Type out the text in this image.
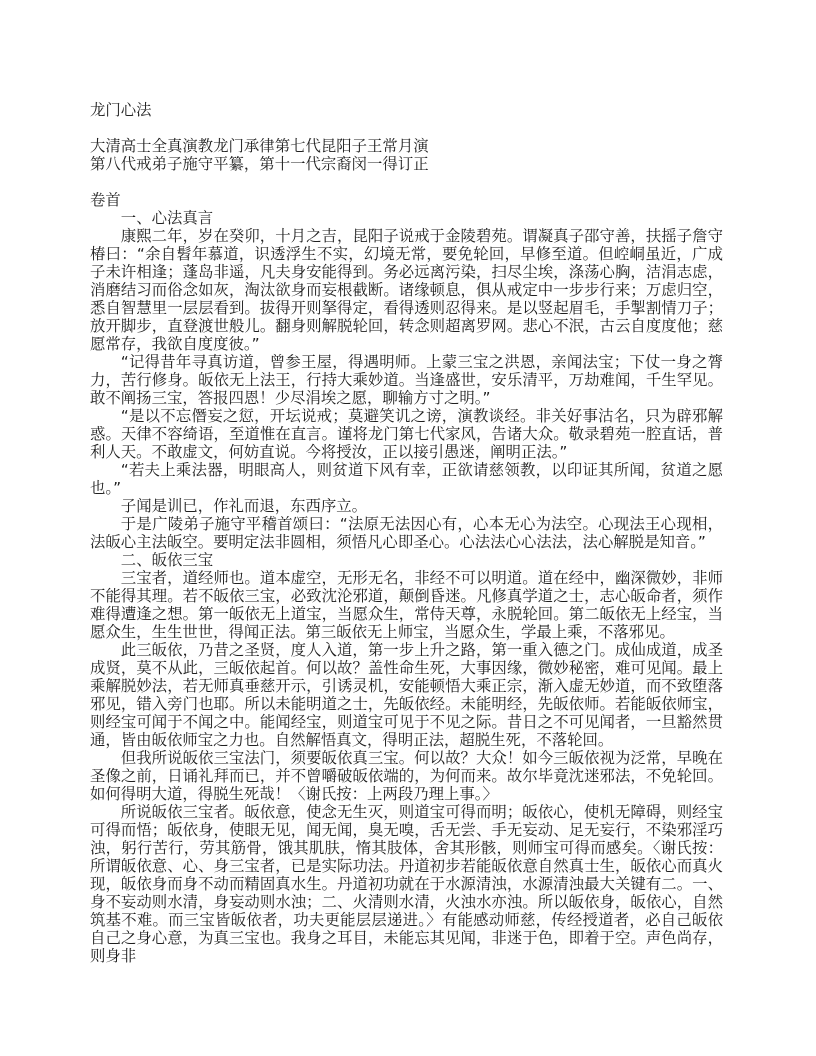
龙门心法

大清高士全真演教龙门承律第七代昆阳子王常月演

第八代戒弟子施守平纂，第十一代宗裔闵一得订正

卷首

一、心法真言

康熙二年，岁在癸卯，十月之吉，昆阳子说戒于金陵碧苑。谓凝真子邵守善，扶摇子詹守椿曰：“余自髫年慕道，识透浮生不实，幻境无常，要免轮回，早修至道。但崆峒虽近，广成子未许相逢；蓬岛非遥，凡夫身安能得到。务必远离污染，扫尽尘埃，涤荡心胸，洁涓志虑，消磨结习而俗念如灰，淘汰欲身而妄根截断。诸缘顿息，俱从戒定中一步步行来；万虑归空，悉自智慧里一层层看到。拔得开则拏得定，看得透则忍得来。是以竖起眉毛，手掣割情刀子；放开脚步，直登渡世般儿。翻身则解脱轮回，转念则超离罗网。悲心不泯，古云自度度他；慈愿常存，我欲自度度彼。”

“记得昔年寻真访道，曾参王屋，得遇明师。上蒙三宝之洪恩，亲闻法宝；下仗一身之膂力，苦行修身。皈依无上法王，行持大乘妙道。当逢盛世，安乐清平，万劫难闻，千生罕见。敢不阐扬三宝，答报四恩！少尽涓埃之愿，聊输方寸之明。”

“是以不忘僭妄之愆，开坛说戒；莫避笑讥之谤，演教谈经。非关好事沽名，只为辟邪解惑。天律不容绮语，至道惟在直言。谨将龙门第七代家风，告诸大众。敬录碧苑一腔直话，普利人天。不敢虚文，何妨直说。今将授汝，正以接引愚迷，阐明正法。”

“若夫上乘法器，明眼高人，则贫道下风有幸，正欲请慈领教，以印证其所闻，贫道之愿也。”

子闻是训已，作礼而退，东西序立。

于是广陵弟子施守平稽首颂曰：“法原无法因心有，心本无心为法空。心现法王心现相，法皈心主法皈空。要明定法非圆相，须悟凡心即圣心。心法法心心法法，法心解脱是知音。”

二、皈依三宝

三宝者，道经师也。道本虚空，无形无名，非经不可以明道。道在经中，幽深微妙，非师不能得其理。若不皈依三宝，必致沈沦邪道，颠倒昏迷。凡修真学道之士，志心皈命者，须作难得遭逢之想。第一皈依无上道宝，当愿众生，常侍天尊，永脱轮回。第二皈依无上经宝，当愿众生，生生世世，得闻正法。第三皈依无上师宝，当愿众生，学最上乘，不落邪见。

此三皈依，乃昔之圣贤，度人入道，第一步上升之路，第一重入德之门。成仙成道，成圣成贤，莫不从此，三皈依起首。何以故？盖性命生死，大事因缘，微妙秘密，难可见闻。最上乘解脱妙法，若无师真垂慈开示，引诱灵机，安能顿悟大乘正宗，渐入虚无妙道，而不致堕落邪见，错入旁门也耶。所以未能明道之士，先皈依经。未能明经，先皈依师。若能皈依师宝，则经宝可闻于不闻之中。能闻经宝，则道宝可见于不见之际。昔日之不可见闻者，一旦豁然贯通，皆由皈依师宝之力也。自然解悟真文，得明正法，超脱生死，不落轮回。

但我所说皈依三宝法门，须要皈依真三宝。何以故？大众！如今三皈依视为泛常，早晚在圣像之前，日诵礼拜而已，并不曾嚼破皈依端的，为何而来。故尔毕竟沈迷邪法，不免轮回。如何得明大道，得脱生死哉！〈谢氏按：上两段乃理上事。〉

所说皈依三宝者。皈依意，使念无生灭，则道宝可得而明；皈依心，使机无障碍，则经宝可得而悟；皈依身，使眼无见，闻无闻，臭无嗅，舌无尝、手无妄动、足无妄行，不染邪淫巧浊，躬行苦行，劳其筋骨，饿其肌肤，惰其肢体，舍其形骸，则师宝可得而感矣。〈谢氏按：所谓皈依意、心、身三宝者，已是实际功法。丹道初步若能皈依意自然真士生，皈依心而真火现，皈依身而身不动而精固真水生。丹道初功就在于水源清浊，水源清浊最大关键有二。一、身不妄动则水清，身妄动则水浊；二、火清则水清，火浊水亦浊。所以皈依身，皈依心，自然筑基不难。而三宝皆皈依者，功夫更能层层递进。〉有能感动师慈，传经授道者，必自己皈依自己之身心意，为真三宝也。我身之耳目，未能忘其见闻，非迷于色，即着于空。声色尚存，则身非
